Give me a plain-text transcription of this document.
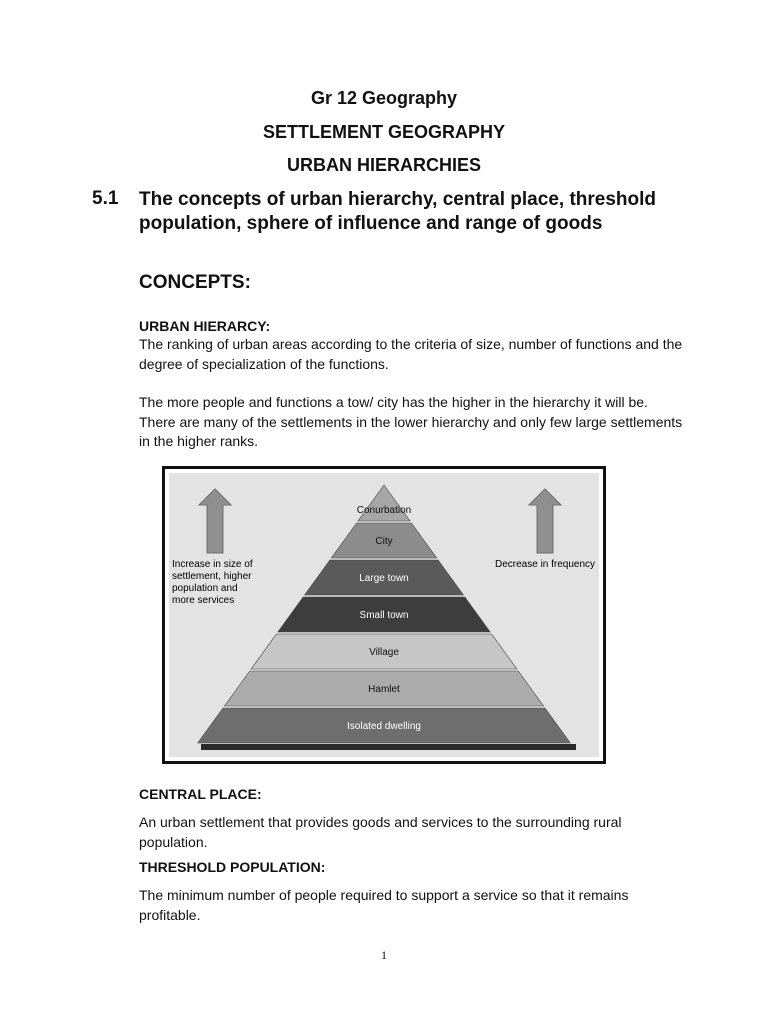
Gr 12 Geography
SETTLEMENT GEOGRAPHY
URBAN HIERARCHIES
5.1 The concepts of urban hierarchy, central place, threshold population, sphere of influence and range of goods
CONCEPTS:
URBAN HIERARCY:

The ranking of urban areas according to the criteria of size, number of functions and the degree of specialization of the functions.

The more people and functions a tow/ city has the higher in the hierarchy it will be. There are many of the settlements in the lower hierarchy and only few large settlements in the higher ranks.

Increase in size of
settlement, higher
population and
more services
Decrease in frequency
Conurbation
City
Large town
Small town
Village
Hamlet
Isolated dwelling
CENTRAL PLACE:

An urban settlement that provides goods and services to the surrounding rural population.

THRESHOLD POPULATION:

The minimum number of people required to support a service so that it remains profitable.

1
